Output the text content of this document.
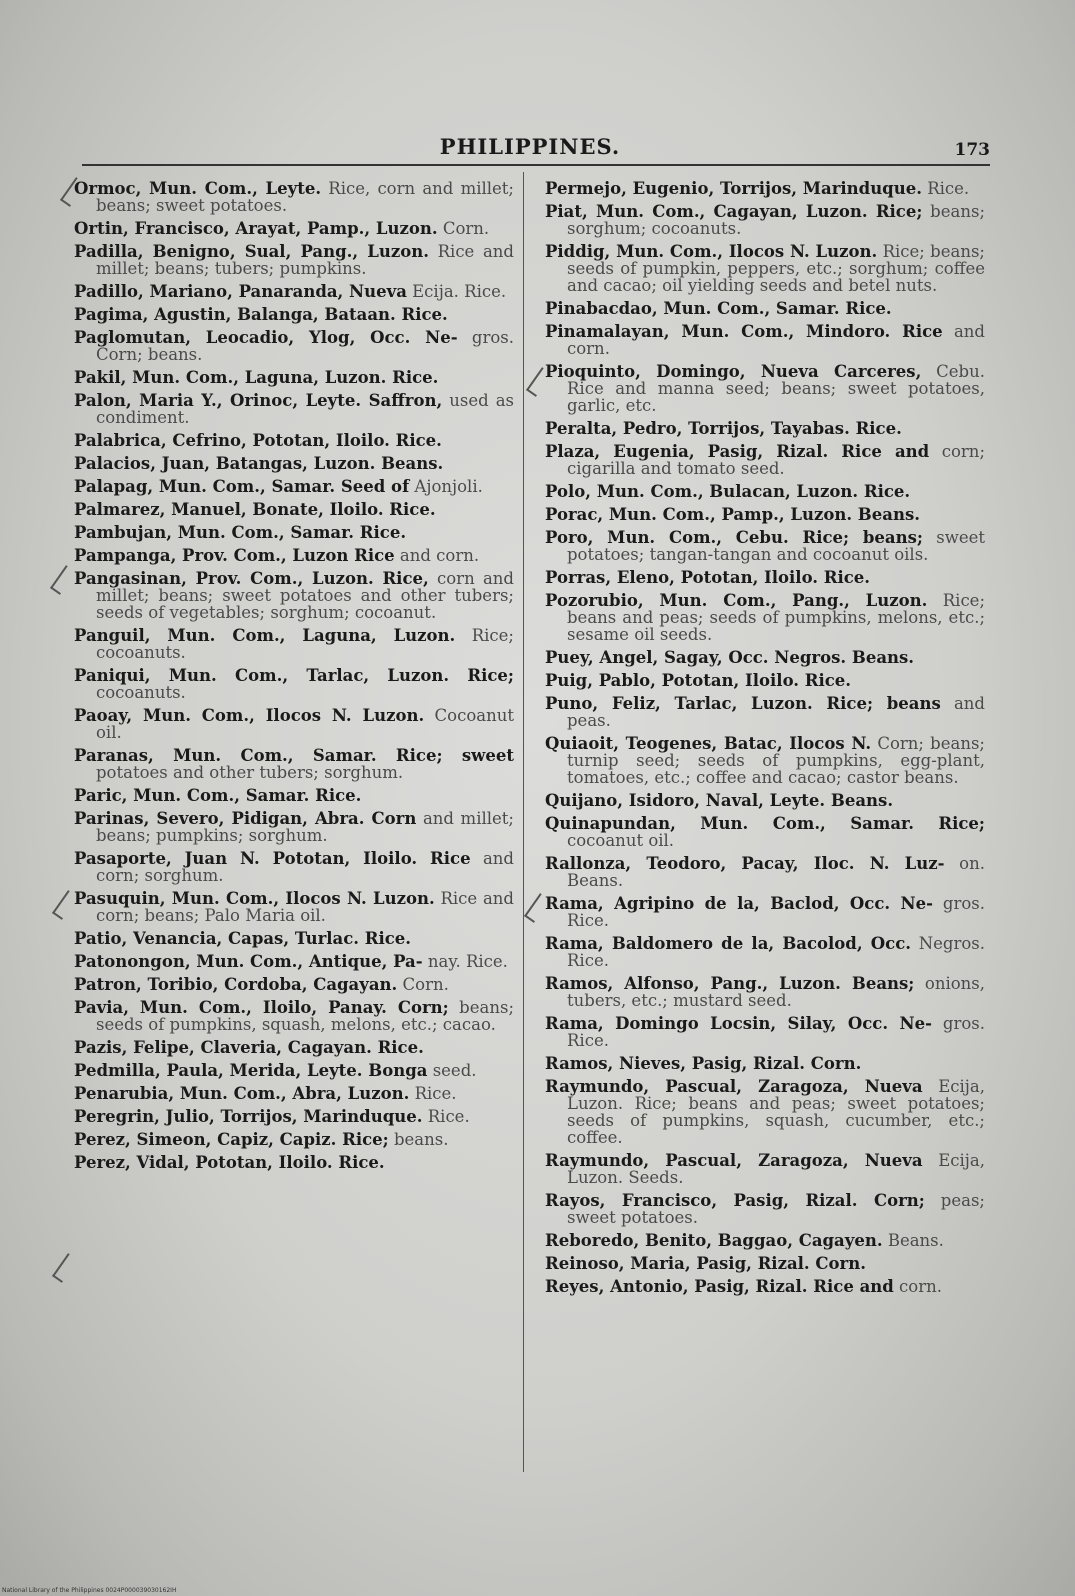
PHILIPPINES.	173
Ormoc, Mun. Com., Leyte. Rice, corn and millet; beans; sweet potatoes.
Ortin, Francisco, Arayat, Pamp., Luzon. Corn.
Padilla, Benigno, Sual, Pang., Luzon. Rice and millet; beans; tubers; pumpkins.
Padillo, Mariano, Panaranda, Nueva Ecija. Rice.
Pagima, Agustin, Balanga, Bataan. Rice.
Paglomutan, Leocadio, Ylog, Occ. Ne- gros. Corn; beans.
Pakil, Mun. Com., Laguna, Luzon. Rice.
Palon, Maria Y., Orinoc, Leyte. Saffron, used as condiment.
Palabrica, Cefrino, Pototan, Iloilo. Rice.
Palacios, Juan, Batangas, Luzon. Beans.
Palapag, Mun. Com., Samar. Seed of Ajonjoli.
Palmarez, Manuel, Bonate, Iloilo. Rice.
Pambujan, Mun. Com., Samar. Rice.
Pampanga, Prov. Com., Luzon Rice and corn.
Pangasinan, Prov. Com., Luzon. Rice, corn and millet; beans; sweet potatoes and other tubers; seeds of vegetables; sorghum; cocoanut.
Panguil, Mun. Com., Laguna, Luzon. Rice; cocoanuts.
Paniqui, Mun. Com., Tarlac, Luzon. Rice; cocoanuts.
Paoay, Mun. Com., Ilocos N. Luzon. Cocoanut oil.
Paranas, Mun. Com., Samar. Rice; sweet potatoes and other tubers; sorghum.
Paric, Mun. Com., Samar. Rice.
Parinas, Severo, Pidigan, Abra. Corn and millet; beans; pumpkins; sorghum.
Pasaporte, Juan N. Pototan, Iloilo. Rice and corn; sorghum.
Pasuquin, Mun. Com., Ilocos N. Luzon. Rice and corn; beans; Palo Maria oil.
Patio, Venancia, Capas, Turlac. Rice.
Patonongon, Mun. Com., Antique, Pa- nay. Rice.
Patron, Toribio, Cordoba, Cagayan. Corn.
Pavia, Mun. Com., Iloilo, Panay. Corn; beans; seeds of pumpkins, squash, melons, etc.; cacao.
Pazis, Felipe, Claveria, Cagayan. Rice.
Pedmilla, Paula, Merida, Leyte. Bonga seed.
Penarubia, Mun. Com., Abra, Luzon. Rice.
Peregrin, Julio, Torrijos, Marinduque. Rice.
Perez, Simeon, Capiz, Capiz. Rice; beans.
Perez, Vidal, Pototan, Iloilo. Rice.
Permejo, Eugenio, Torrijos, Marinduque. Rice.
Piat, Mun. Com., Cagayan, Luzon. Rice; beans; sorghum; cocoanuts.
Piddig, Mun. Com., Ilocos N. Luzon. Rice; beans; seeds of pumpkin, peppers, etc.; sorghum; coffee and cacao; oil yielding seeds and betel nuts.
Pinabacdao, Mun. Com., Samar. Rice.
Pinamalayan, Mun. Com., Mindoro. Rice and corn.
Pioquinto, Domingo, Nueva Carceres, Cebu. Rice and manna seed; beans; sweet potatoes, garlic, etc.
Peralta, Pedro, Torrijos, Tayabas. Rice.
Plaza, Eugenia, Pasig, Rizal. Rice and corn; cigarilla and tomato seed.
Polo, Mun. Com., Bulacan, Luzon. Rice.
Porac, Mun. Com., Pamp., Luzon. Beans.
Poro, Mun. Com., Cebu. Rice; beans; sweet potatoes; tangan-tangan and cocoanut oils.
Porras, Eleno, Pototan, Iloilo. Rice.
Pozorubio, Mun. Com., Pang., Luzon. Rice; beans and peas; seeds of pumpkins, melons, etc.; sesame oil seeds.
Puey, Angel, Sagay, Occ. Negros. Beans.
Puig, Pablo, Pototan, Iloilo. Rice.
Puno, Feliz, Tarlac, Luzon. Rice; beans and peas.
Quiaoit, Teogenes, Batac, Ilocos N. Corn; beans; turnip seed; seeds of pumpkins, egg-plant, tomatoes, etc.; coffee and cacao; castor beans.
Quijano, Isidoro, Naval, Leyte. Beans.
Quinapundan, Mun. Com., Samar. Rice; cocoanut oil.
Rallonza, Teodoro, Pacay, Iloc. N. Luz- on. Beans.
Rama, Agripino de la, Baclod, Occ. Ne- gros. Rice.
Rama, Baldomero de la, Bacolod, Occ. Negros. Rice.
Ramos, Alfonso, Pang., Luzon. Beans; onions, tubers, etc.; mustard seed.
Rama, Domingo Locsin, Silay, Occ. Ne- gros. Rice.
Ramos, Nieves, Pasig, Rizal. Corn.
Raymundo, Pascual, Zaragoza, Nueva Ecija, Luzon. Rice; beans and peas; sweet potatoes; seeds of pumpkins, squash, cucumber, etc.; coffee.
Raymundo, Pascual, Zaragoza, Nueva Ecija, Luzon. Seeds.
Rayos, Francisco, Pasig, Rizal. Corn; peas; sweet potatoes.
Reboredo, Benito, Baggao, Cagayen. Beans.
Reinoso, Maria, Pasig, Rizal. Corn.
Reyes, Antonio, Pasig, Rizal. Rice and corn.
National Library of the Philippines 0024P000039030162IH
